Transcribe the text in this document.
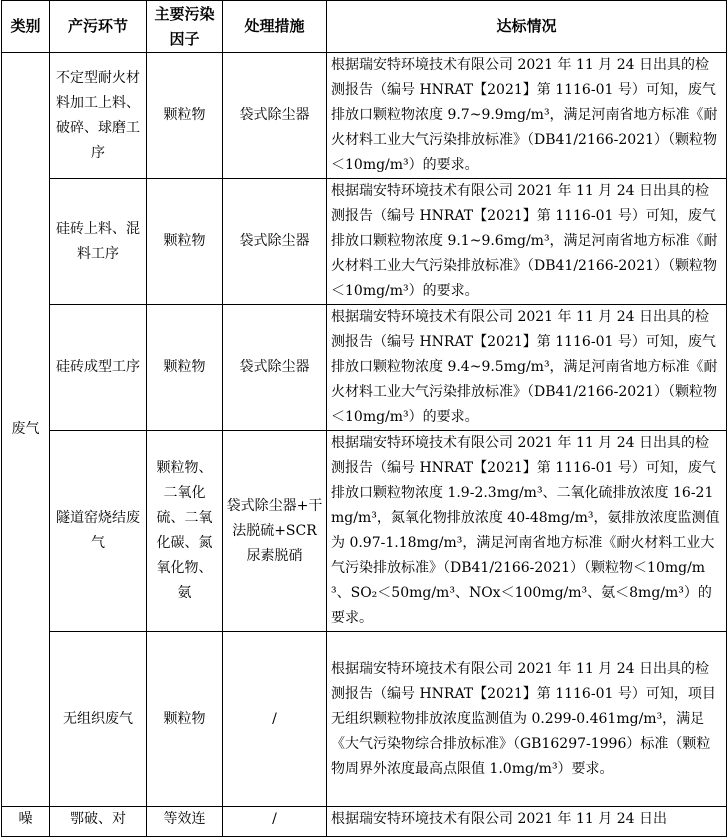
类别	产污环节	主要污染因子	处理措施	达标情况
废气	不定型耐火材料加工上料、破碎、球磨工序	颗粒物	袋式除尘器	根据瑞安特环境技术有限公司 2021 年 11 月 24 日出具的检测报告（编号 HNRAT【2021】第 1116-01 号）可知，废气排放口颗粒物浓度 9.7~9.9mg/m³，满足河南省地方标准《耐火材料工业大气污染排放标准》（DB41/2166-2021）（颗粒物＜10mg/m³）的要求。
	硅砖上料、混料工序	颗粒物	袋式除尘器	根据瑞安特环境技术有限公司 2021 年 11 月 24 日出具的检测报告（编号 HNRAT【2021】第 1116-01 号）可知，废气排放口颗粒物浓度 9.1~9.6mg/m³，满足河南省地方标准《耐火材料工业大气污染排放标准》（DB41/2166-2021）（颗粒物＜10mg/m³）的要求。
	硅砖成型工序	颗粒物	袋式除尘器	根据瑞安特环境技术有限公司 2021 年 11 月 24 日出具的检测报告（编号 HNRAT【2021】第 1116-01 号）可知，废气排放口颗粒物浓度 9.4~9.5mg/m³，满足河南省地方标准《耐火材料工业大气污染排放标准》（DB41/2166-2021）（颗粒物＜10mg/m³）的要求。
	隧道窑烧结废气	颗粒物、二氧化硫、二氧化碳、氮氧化物、氨	袋式除尘器+干法脱硫+SCR 尿素脱硝	根据瑞安特环境技术有限公司 2021 年 11 月 24 日出具的检测报告（编号 HNRAT【2021】第 1116-01 号）可知，废气排放口颗粒物浓度 1.9-2.3mg/m³、二氧化硫排放浓度 16-21mg/m³，氮氧化物排放浓度 40-48mg/m³，氨排放浓度监测值为 0.97-1.18mg/m³，满足河南省地方标准《耐火材料工业大气污染排放标准》（DB41/2166-2021）（颗粒物＜10mg/m³、SO₂＜50mg/m³、NOx＜100mg/m³、氨＜8mg/m³）的要求。
	无组织废气	颗粒物	/	根据瑞安特环境技术有限公司 2021 年 11 月 24 日出具的检测报告（编号 HNRAT【2021】第 1116-01 号）可知，项目无组织颗粒物排放浓度监测值为 0.299-0.461mg/m³，满足《大气污染物综合排放标准》（GB16297-1996）标准（颗粒物周界外浓度最高点限值 1.0mg/m³）要求。
噪	鄂破、对	等效连	/	根据瑞安特环境技术有限公司 2021 年 11 月 24 日出
